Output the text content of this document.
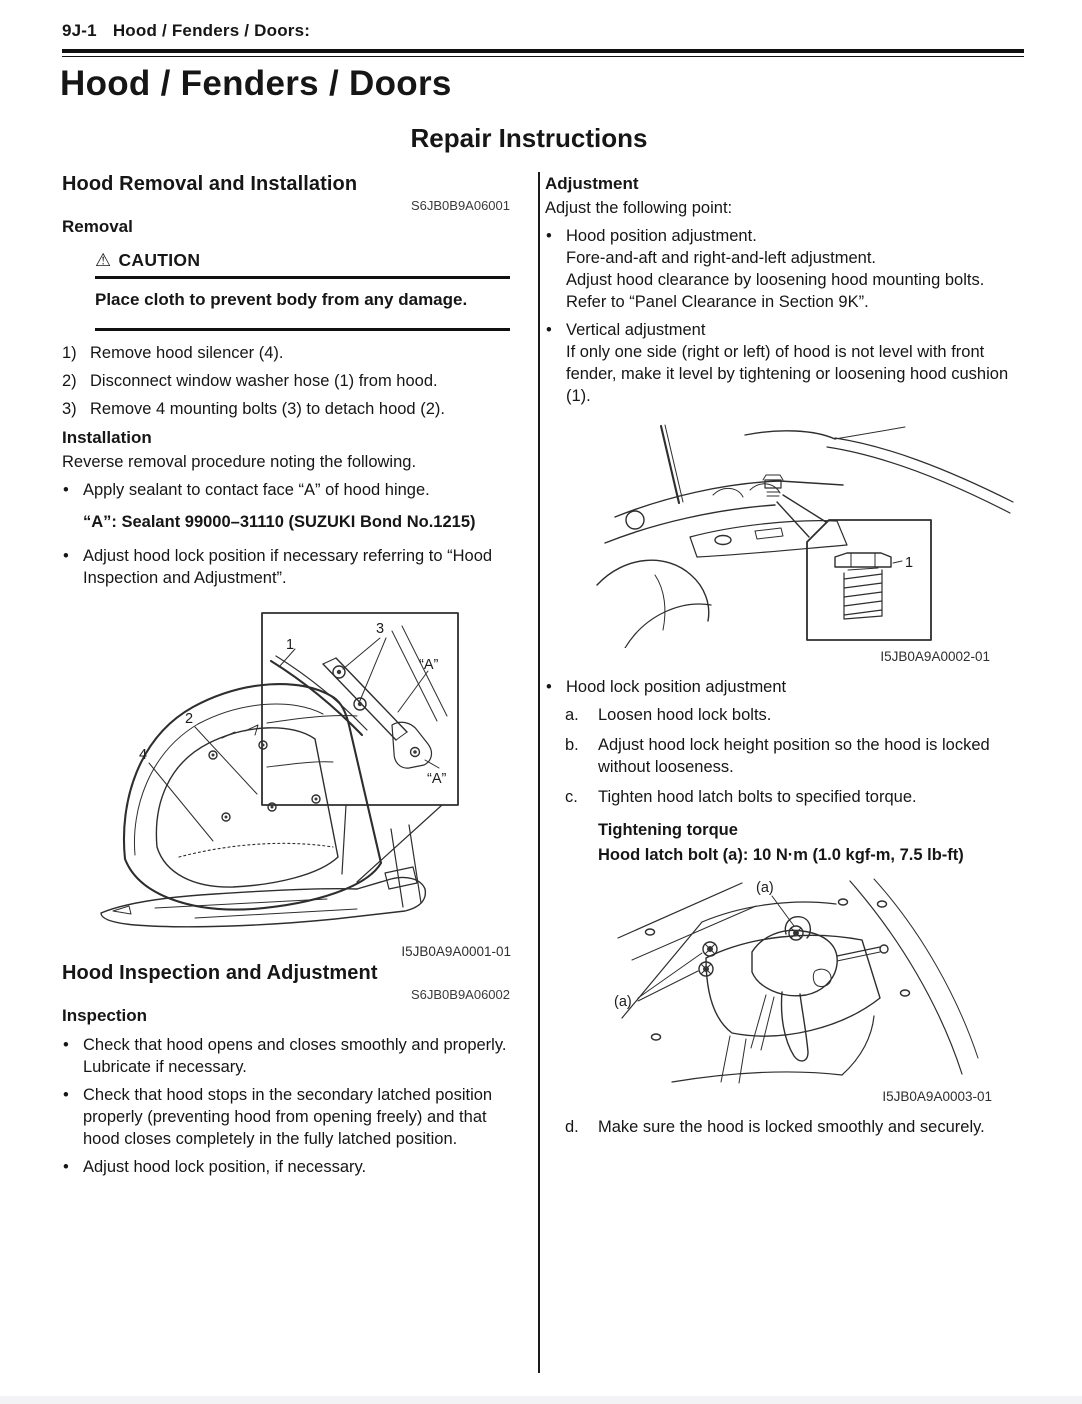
9J-1 Hood / Fenders / Doors:
Hood / Fenders / Doors
Repair Instructions
Hood Removal and Installation
S6JB0B9A06001
Removal
⚠ CAUTION
Place cloth to prevent body from any damage.
1) Remove hood silencer (4).
2) Disconnect window washer hose (1) from hood.
3) Remove 4 mounting bolts (3) to detach hood (2).
Installation
Reverse removal procedure noting the following.
• Apply sealant to contact face “A” of hood hinge.
“A”: Sealant 99000–31110 (SUZUKI Bond No.1215)
• Adjust hood lock position if necessary referring to “Hood Inspection and Adjustment”.
1
3
“A”
“A”
2
4
I5JB0A9A0001-01
Hood Inspection and Adjustment
S6JB0B9A06002
Inspection
• Check that hood opens and closes smoothly and properly. Lubricate if necessary.
• Check that hood stops in the secondary latched position properly (preventing hood from opening freely) and that hood closes completely in the fully latched position.
• Adjust hood lock position, if necessary.
Adjustment
Adjust the following point:
• Hood position adjustment.
Fore-and-aft and right-and-left adjustment.
Adjust hood clearance by loosening hood mounting bolts. Refer to “Panel Clearance in Section 9K”.
• Vertical adjustment
If only one side (right or left) of hood is not level with front fender, make it level by tightening or loosening hood cushion (1).
1
I5JB0A9A0002-01
• Hood lock position adjustment
a.	Loosen hood lock bolts.
b.	Adjust hood lock height position so the hood is locked without looseness.
c.	Tighten hood latch bolts to specified torque.
Tightening torque
Hood latch bolt (a): 10 N·m (1.0 kgf-m, 7.5 lb-ft)
(a)
(a)
I5JB0A9A0003-01
d.	Make sure the hood is locked smoothly and securely.
